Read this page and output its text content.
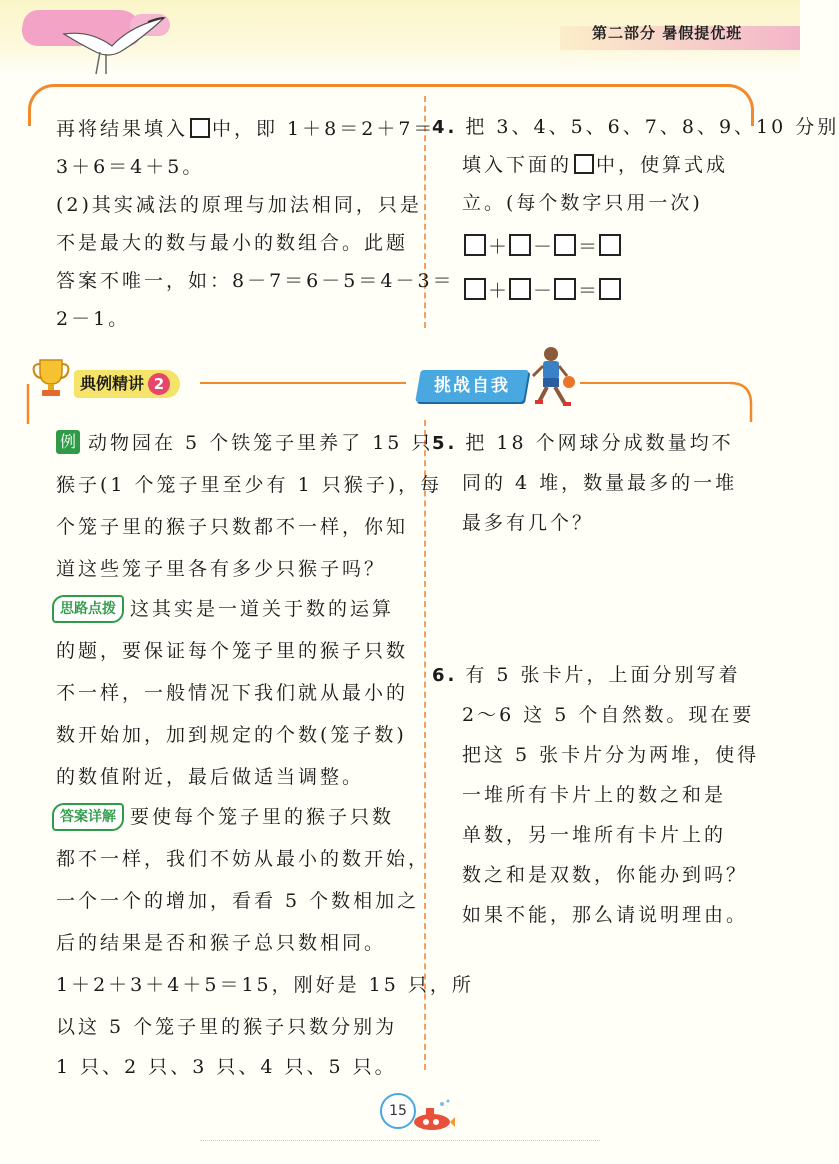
第二部分 暑假提优班
再将结果填入 中，即 1＋8＝2＋7＝
3＋6＝4＋5。
(2)其实减法的原理与加法相同，只是
不是最大的数与最小的数组合。此题
答案不唯一，如：8－7＝6－5＝4－3＝
2－1。
4. 把 3、4、5、6、7、8、9、10 分别
填入下面的 中，使算式成
立。(每个数字只用一次)
＋ － ＝
＋ － ＝
典例精讲 2	挑战自我
例 动物园在 5 个铁笼子里养了 15 只
猴子(1 个笼子里至少有 1 只猴子)，每
个笼子里的猴子只数都不一样，你知
道这些笼子里各有多少只猴子吗？
思路点拨 这其实是一道关于数的运算
的题，要保证每个笼子里的猴子只数
不一样，一般情况下我们就从最小的
数开始加，加到规定的个数(笼子数)
的数值附近，最后做适当调整。
答案详解 要使每个笼子里的猴子只数
都不一样，我们不妨从最小的数开始，
一个一个的增加，看看 5 个数相加之
后的结果是否和猴子总只数相同。
1＋2＋3＋4＋5＝15，刚好是 15 只，所
以这 5 个笼子里的猴子只数分别为
1 只、2 只、3 只、4 只、5 只。
5. 把 18 个网球分成数量均不
同的 4 堆，数量最多的一堆
最多有几个？
6. 有 5 张卡片，上面分别写着
2～6 这 5 个自然数。现在要
把这 5 张卡片分为两堆，使得
一堆所有卡片上的数之和是
单数，另一堆所有卡片上的
数之和是双数，你能办到吗？
如果不能，那么请说明理由。
15
